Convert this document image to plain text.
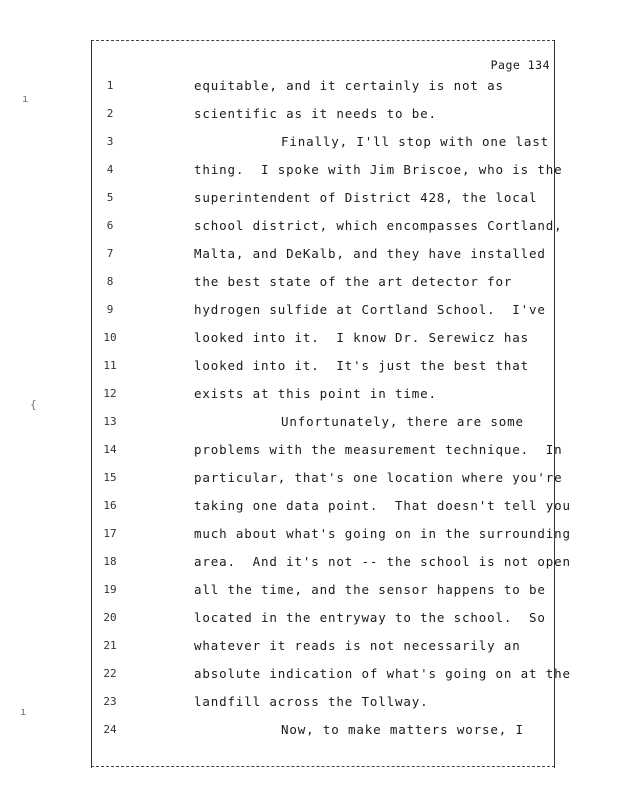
ı
{
ı
Page 134
1	equitable, and it certainly is not as
2	scientific as it needs to be.
3	Finally, I'll stop with one last
4	thing.  I spoke with Jim Briscoe, who is the
5	superintendent of District 428, the local
6	school district, which encompasses Cortland,
7	Malta, and DeKalb, and they have installed
8	the best state of the art detector for
9	hydrogen sulfide at Cortland School.  I've
10	looked into it.  I know Dr. Serewicz has
11	looked into it.  It's just the best that
12	exists at this point in time.
13	Unfortunately, there are some
14	problems with the measurement technique.  In
15	particular, that's one location where you're
16	taking one data point.  That doesn't tell you
17	much about what's going on in the surrounding
18	area.  And it's not -- the school is not open
19	all the time, and the sensor happens to be
20	located in the entryway to the school.  So
21	whatever it reads is not necessarily an
22	absolute indication of what's going on at the
23	landfill across the Tollway.
24	Now, to make matters worse, I
